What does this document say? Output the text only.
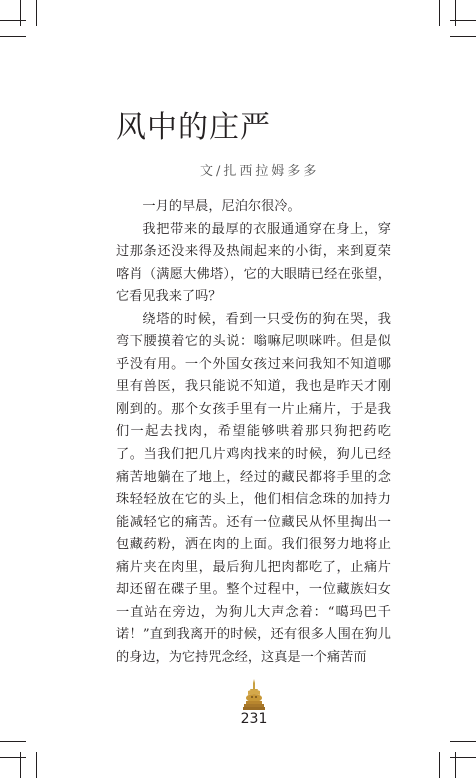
风中的庄严
文/扎西拉姆多多

一月的早晨，尼泊尔很冷。

我把带来的最厚的衣服通通穿在身上，穿过那条还没来得及热闹起来的小街，来到夏荣喀肖（满愿大佛塔），它的大眼睛已经在张望，它看见我来了吗？

绕塔的时候，看到一只受伤的狗在哭，我弯下腰摸着它的头说：嗡嘛尼呗咪吽。但是似乎没有用。一个外国女孩过来问我知不知道哪里有兽医，我只能说不知道，我也是昨天才刚刚到的。那个女孩手里有一片止痛片，于是我们一起去找肉，希望能够哄着那只狗把药吃了。当我们把几片鸡肉找来的时候，狗儿已经痛苦地躺在了地上，经过的藏民都将手里的念珠轻轻放在它的头上，他们相信念珠的加持力能减轻它的痛苦。还有一位藏民从怀里掏出一包藏药粉，洒在肉的上面。我们很努力地将止痛片夹在肉里，最后狗儿把肉都吃了，止痛片却还留在碟子里。整个过程中，一位藏族妇女一直站在旁边，为狗儿大声念着：“噶玛巴千诺！”直到我离开的时候，还有很多人围在狗儿的身边，为它持咒念经，这真是一个痛苦而

231
